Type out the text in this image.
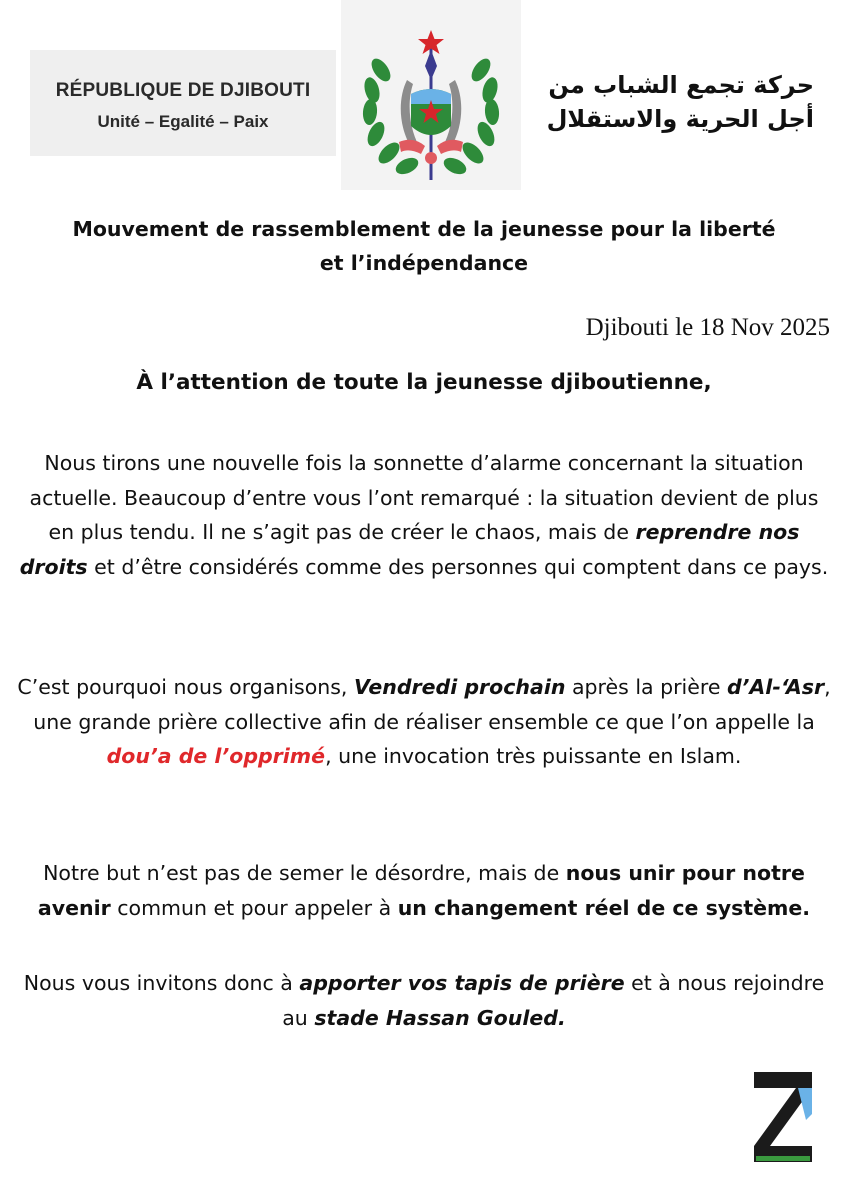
RÉPUBLIQUE DE DJIBOUTI
Unité – Egalité – Paix
حركة تجمع الشباب من
أجل الحرية والاستقلال
Mouvement de rassemblement de la jeunesse pour la liberté
et l’indépendance
Djibouti le 18 Nov 2025
À l’attention de toute la jeunesse djiboutienne,
Nous tirons une nouvelle fois la sonnette d’alarme concernant la situation actuelle. Beaucoup d’entre vous l’ont remarqué : la situation devient de plus en plus tendu. Il ne s’agit pas de créer le chaos, mais de reprendre nos droits et d’être considérés comme des personnes qui comptent dans ce pays.
C’est pourquoi nous organisons, Vendredi prochain après la prière d’Al-‘Asr, une grande prière collective afin de réaliser ensemble ce que l’on appelle la dou’a de l’opprimé, une invocation très puissante en Islam.
Notre but n’est pas de semer le désordre, mais de nous unir pour notre avenir commun et pour appeler à un changement réel de ce système.
Nous vous invitons donc à apporter vos tapis de prière et à nous rejoindre au stade Hassan Gouled.
